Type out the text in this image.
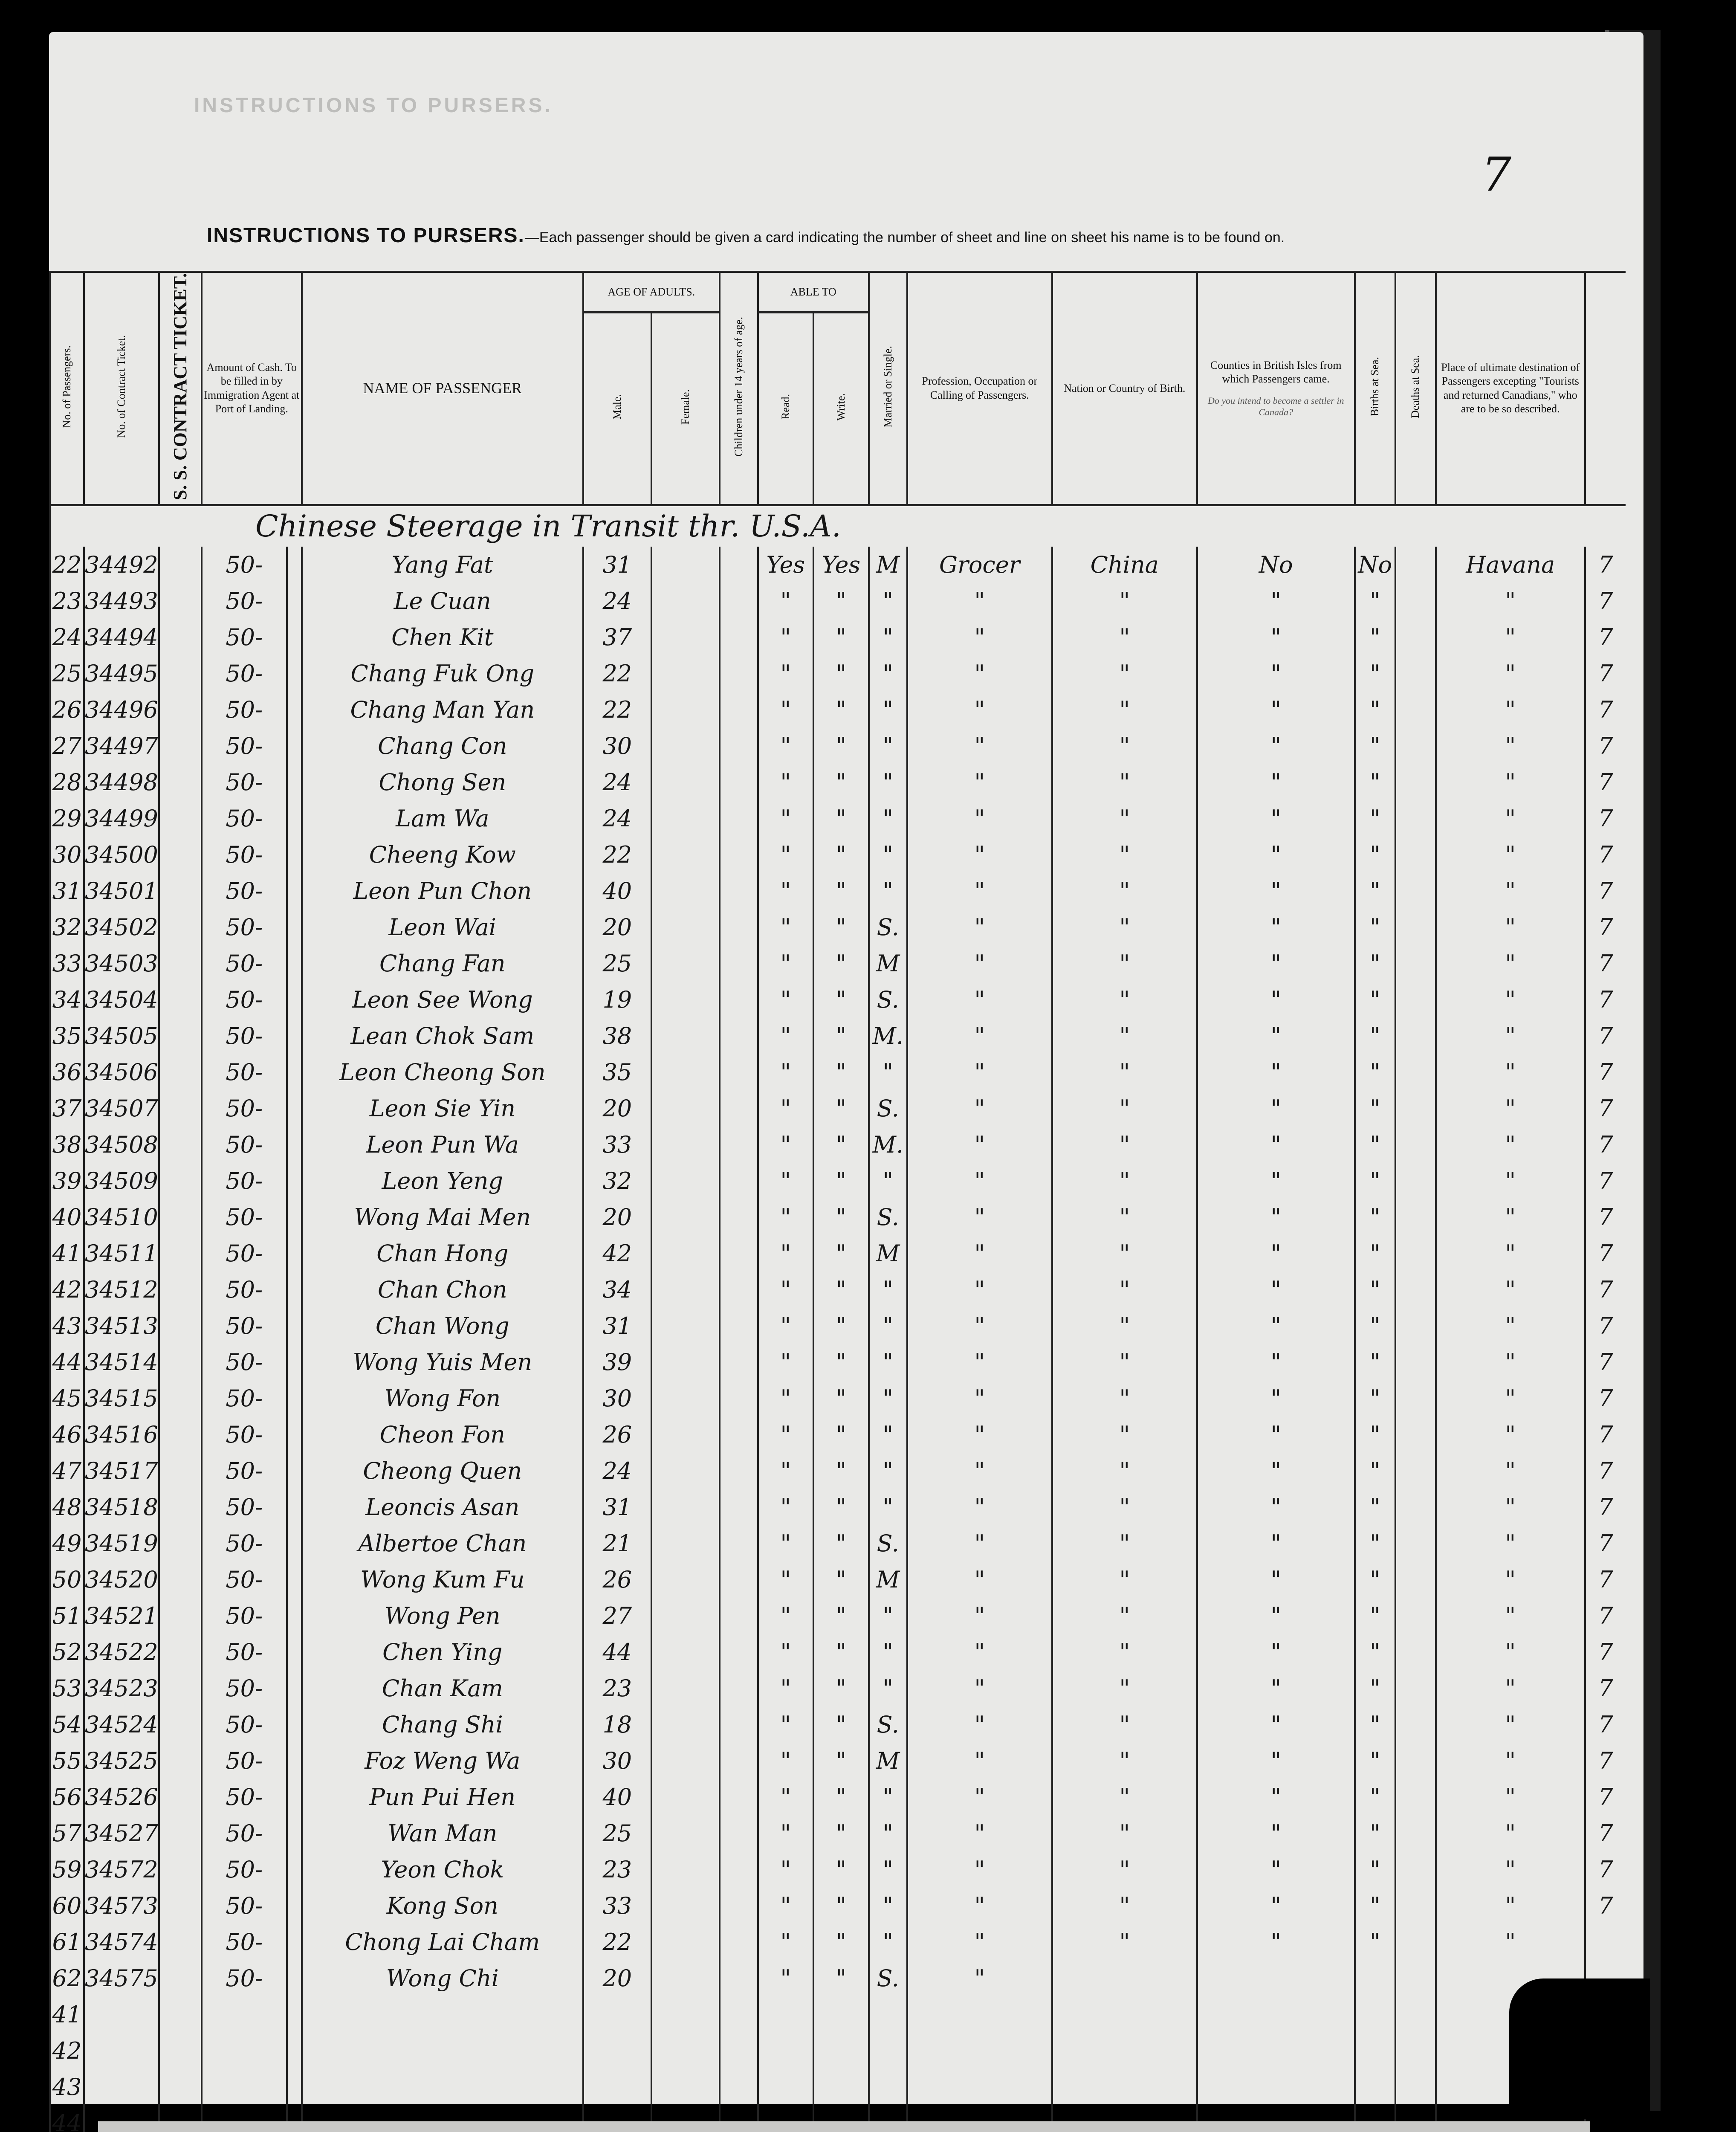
INSTRUCTIONS TO PURSERS.
7
INSTRUCTIONS TO PURSERS.—Each passenger should be given a card indicating the number of sheet and line on sheet his name is to be found on.
No. of Passengers.	No. of Contract Ticket.	S. S. CONTRACT TICKET.	Amount of Cash. To be filled in by Immigration Agent at Port of Landing.		NAME OF PASSENGER	AGE OF ADULTS.		Children under 14 years of age.	ABLE TO		Married or Single.	Profession, Occupation or Calling of Passengers.	Nation or Country of Birth.	Counties in British Isles from which Passengers came.
Do you intend to become a settler in Canada?	Births at Sea.	Deaths at Sea.	Place of ultimate destination of Passengers excepting "Tourists and returned Canadians," who are to be so described.	
						Male.	Female.		Read.	Write.								
Chinese Steerage in Transit thr. U.S.A.																		
22	34492		50-		Yang Fat	31			Yes	Yes	M	Grocer	China	No	No		Havana	7
23	34493		50-		Le Cuan	24			"	"	"	"	"	"	"		"	7
24	34494		50-		Chen Kit	37			"	"	"	"	"	"	"		"	7
25	34495		50-		Chang Fuk Ong	22			"	"	"	"	"	"	"		"	7
26	34496		50-		Chang Man Yan	22			"	"	"	"	"	"	"		"	7
27	34497		50-		Chang Con	30			"	"	"	"	"	"	"		"	7
28	34498		50-		Chong Sen	24			"	"	"	"	"	"	"		"	7
29	34499		50-		Lam Wa	24			"	"	"	"	"	"	"		"	7
30	34500		50-		Cheeng Kow	22			"	"	"	"	"	"	"		"	7
31	34501		50-		Leon Pun Chon	40			"	"	"	"	"	"	"		"	7
32	34502		50-		Leon Wai	20			"	"	S.	"	"	"	"		"	7
33	34503		50-		Chang Fan	25			"	"	M	"	"	"	"		"	7
34	34504		50-		Leon See Wong	19			"	"	S.	"	"	"	"		"	7
35	34505		50-		Lean Chok Sam	38			"	"	M.	"	"	"	"		"	7
36	34506		50-		Leon Cheong Son	35			"	"	"	"	"	"	"		"	7
37	34507		50-		Leon Sie Yin	20			"	"	S.	"	"	"	"		"	7
38	34508		50-		Leon Pun Wa	33			"	"	M.	"	"	"	"		"	7
39	34509		50-		Leon Yeng	32			"	"	"	"	"	"	"		"	7
40	34510		50-		Wong Mai Men	20			"	"	S.	"	"	"	"		"	7
41	34511		50-		Chan Hong	42			"	"	M	"	"	"	"		"	7
42	34512		50-		Chan Chon	34			"	"	"	"	"	"	"		"	7
43	34513		50-		Chan Wong	31			"	"	"	"	"	"	"		"	7
44	34514		50-		Wong Yuis Men	39			"	"	"	"	"	"	"		"	7
45	34515		50-		Wong Fon	30			"	"	"	"	"	"	"		"	7
46	34516		50-		Cheon Fon	26			"	"	"	"	"	"	"		"	7
47	34517		50-		Cheong Quen	24			"	"	"	"	"	"	"		"	7
48	34518		50-		Leoncis Asan	31			"	"	"	"	"	"	"		"	7
49	34519		50-		Albertoe Chan	21			"	"	S.	"	"	"	"		"	7
50	34520		50-		Wong Kum Fu	26			"	"	M	"	"	"	"		"	7
51	34521		50-		Wong Pen	27			"	"	"	"	"	"	"		"	7
52	34522		50-		Chen Ying	44			"	"	"	"	"	"	"		"	7
53	34523		50-		Chan Kam	23			"	"	"	"	"	"	"		"	7
54	34524		50-		Chang Shi	18			"	"	S.	"	"	"	"		"	7
55	34525		50-		Foz Weng Wa	30			"	"	M	"	"	"	"		"	7
56	34526		50-		Pun Pui Hen	40			"	"	"	"	"	"	"		"	7
57	34527		50-		Wan Man	25			"	"	"	"	"	"	"		"	7
59	34572		50-		Yeon Chok	23			"	"	"	"	"	"	"		"	7
60	34573		50-		Kong Son	33			"	"	"	"	"	"	"		"	7
61	34574		50-		Chong Lai Cham	22			"	"	"	"	"	"	"		"	
62	34575		50-		Wong Chi	20			"	"	S.	"						
41																		
42																		
43																		
44																		
